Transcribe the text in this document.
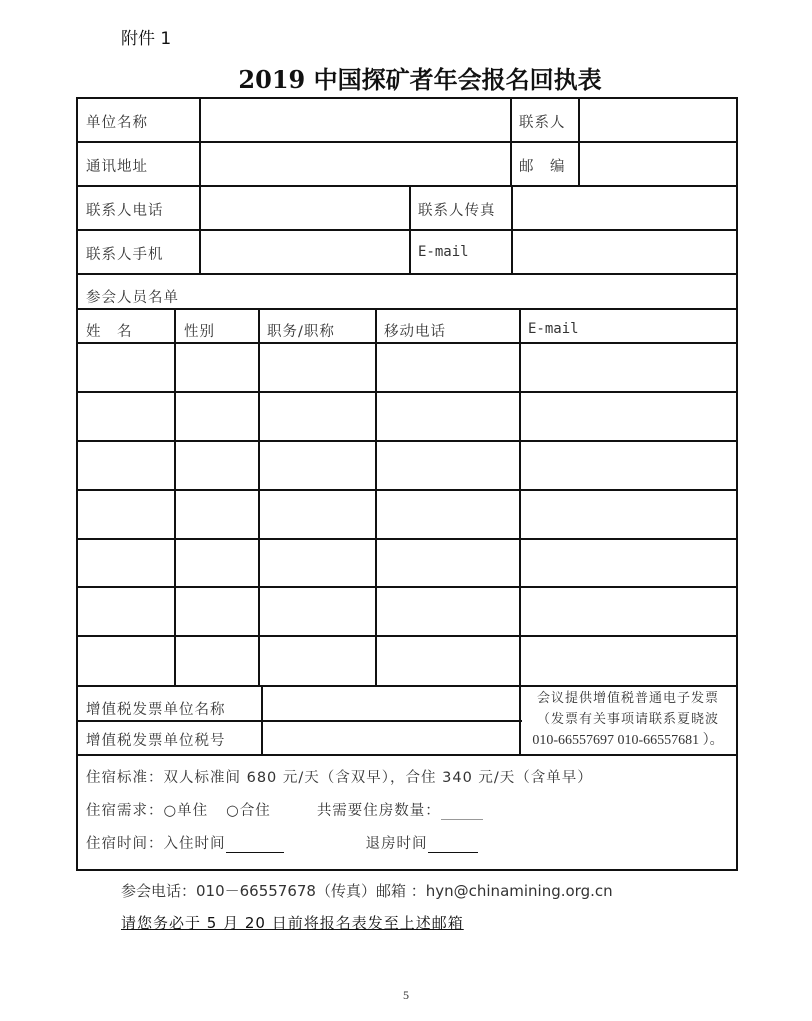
附件 1
2019 中国探矿者年会报名回执表
单位名称	联系人
通讯地址	邮　编
联系人电话	联系人传真
联系人手机	E-mail
参会人员名单
姓　名	性别	职务/职称	移动电话	E-mail
增值税发票单位名称
增值税发票单位税号
会议提供增值税普通电子发票
（发票有关事项请联系夏晓波
010-66557697 010-66557681 ）。
住宿标准：双人标准间 680 元/天（含双早），合住 340 元/天（含单早）
住宿需求：○单住 ○合住	共需要住房数量：
住宿时间：入住时间	退房时间
参会电话：010－66557678（传真）邮箱 ：hyn@chinamining.org.cn
请您务必于 5 月 20 日前将报名表发至上述邮箱
5
